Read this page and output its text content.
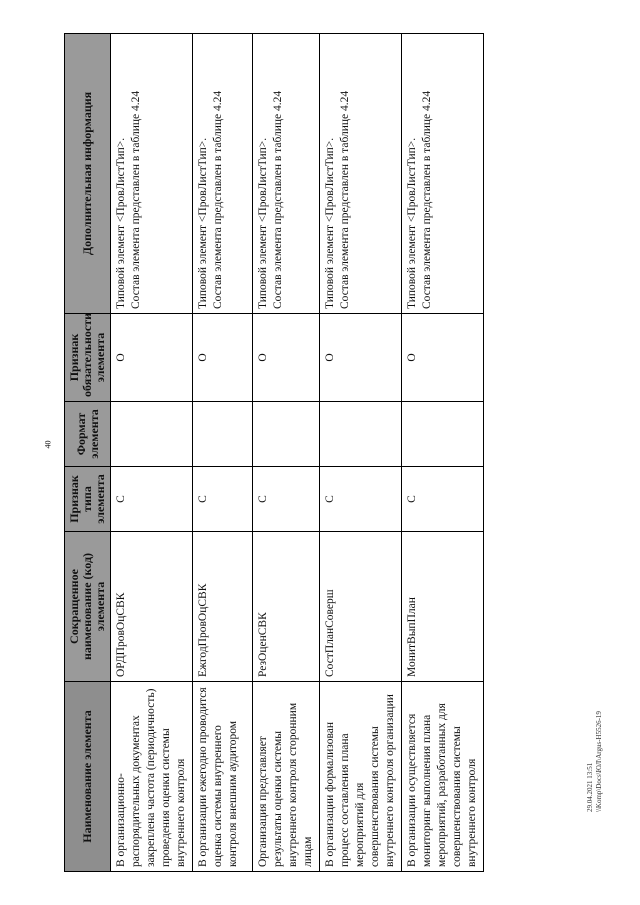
40
Наименование элемента	Сокращенное наименование (код) элемента	Признак типа элемента	Формат элемента	Признак обязательности элемента	Дополнительная информация
В организационно-распорядительных документах закреплена частота (периодичность) проведения оценки системы внутреннего контроля	ОРДПровОцСВК	С		О	Типовой элемент <ПровЛистТип>. Состав элемента представлен в таблице 4.24

В организации ежегодно проводится оценка системы внутреннего контроля внешним аудитором	ЕжгодПровОцСВК	С		О	Типовой элемент <ПровЛистТип>. Состав элемента представлен в таблице 4.24

Организация представляет результаты оценки системы внутреннего контроля сторонним лицам	РезОценСВК	С		О	Типовой элемент <ПровЛистТип>. Состав элемента представлен в таблице 4.24

В организации формализован процесс составления плана мероприятий для совершенствования системы внутреннего контроля организации	СостПланСоверш	С		О	Типовой элемент <ПровЛистТип>. Состав элемента представлен в таблице 4.24

В организации осуществляется мониторинг выполнения плана мероприятий, разработанных для совершенствования системы внутреннего контроля	МонитВыпПлан	С		О	Типовой элемент <ПровЛистТип>. Состав элемента представлен в таблице 4.24
29.04.2021 13:51 \\Komp\Docs\ЮЛ\Argus-H5526-19
